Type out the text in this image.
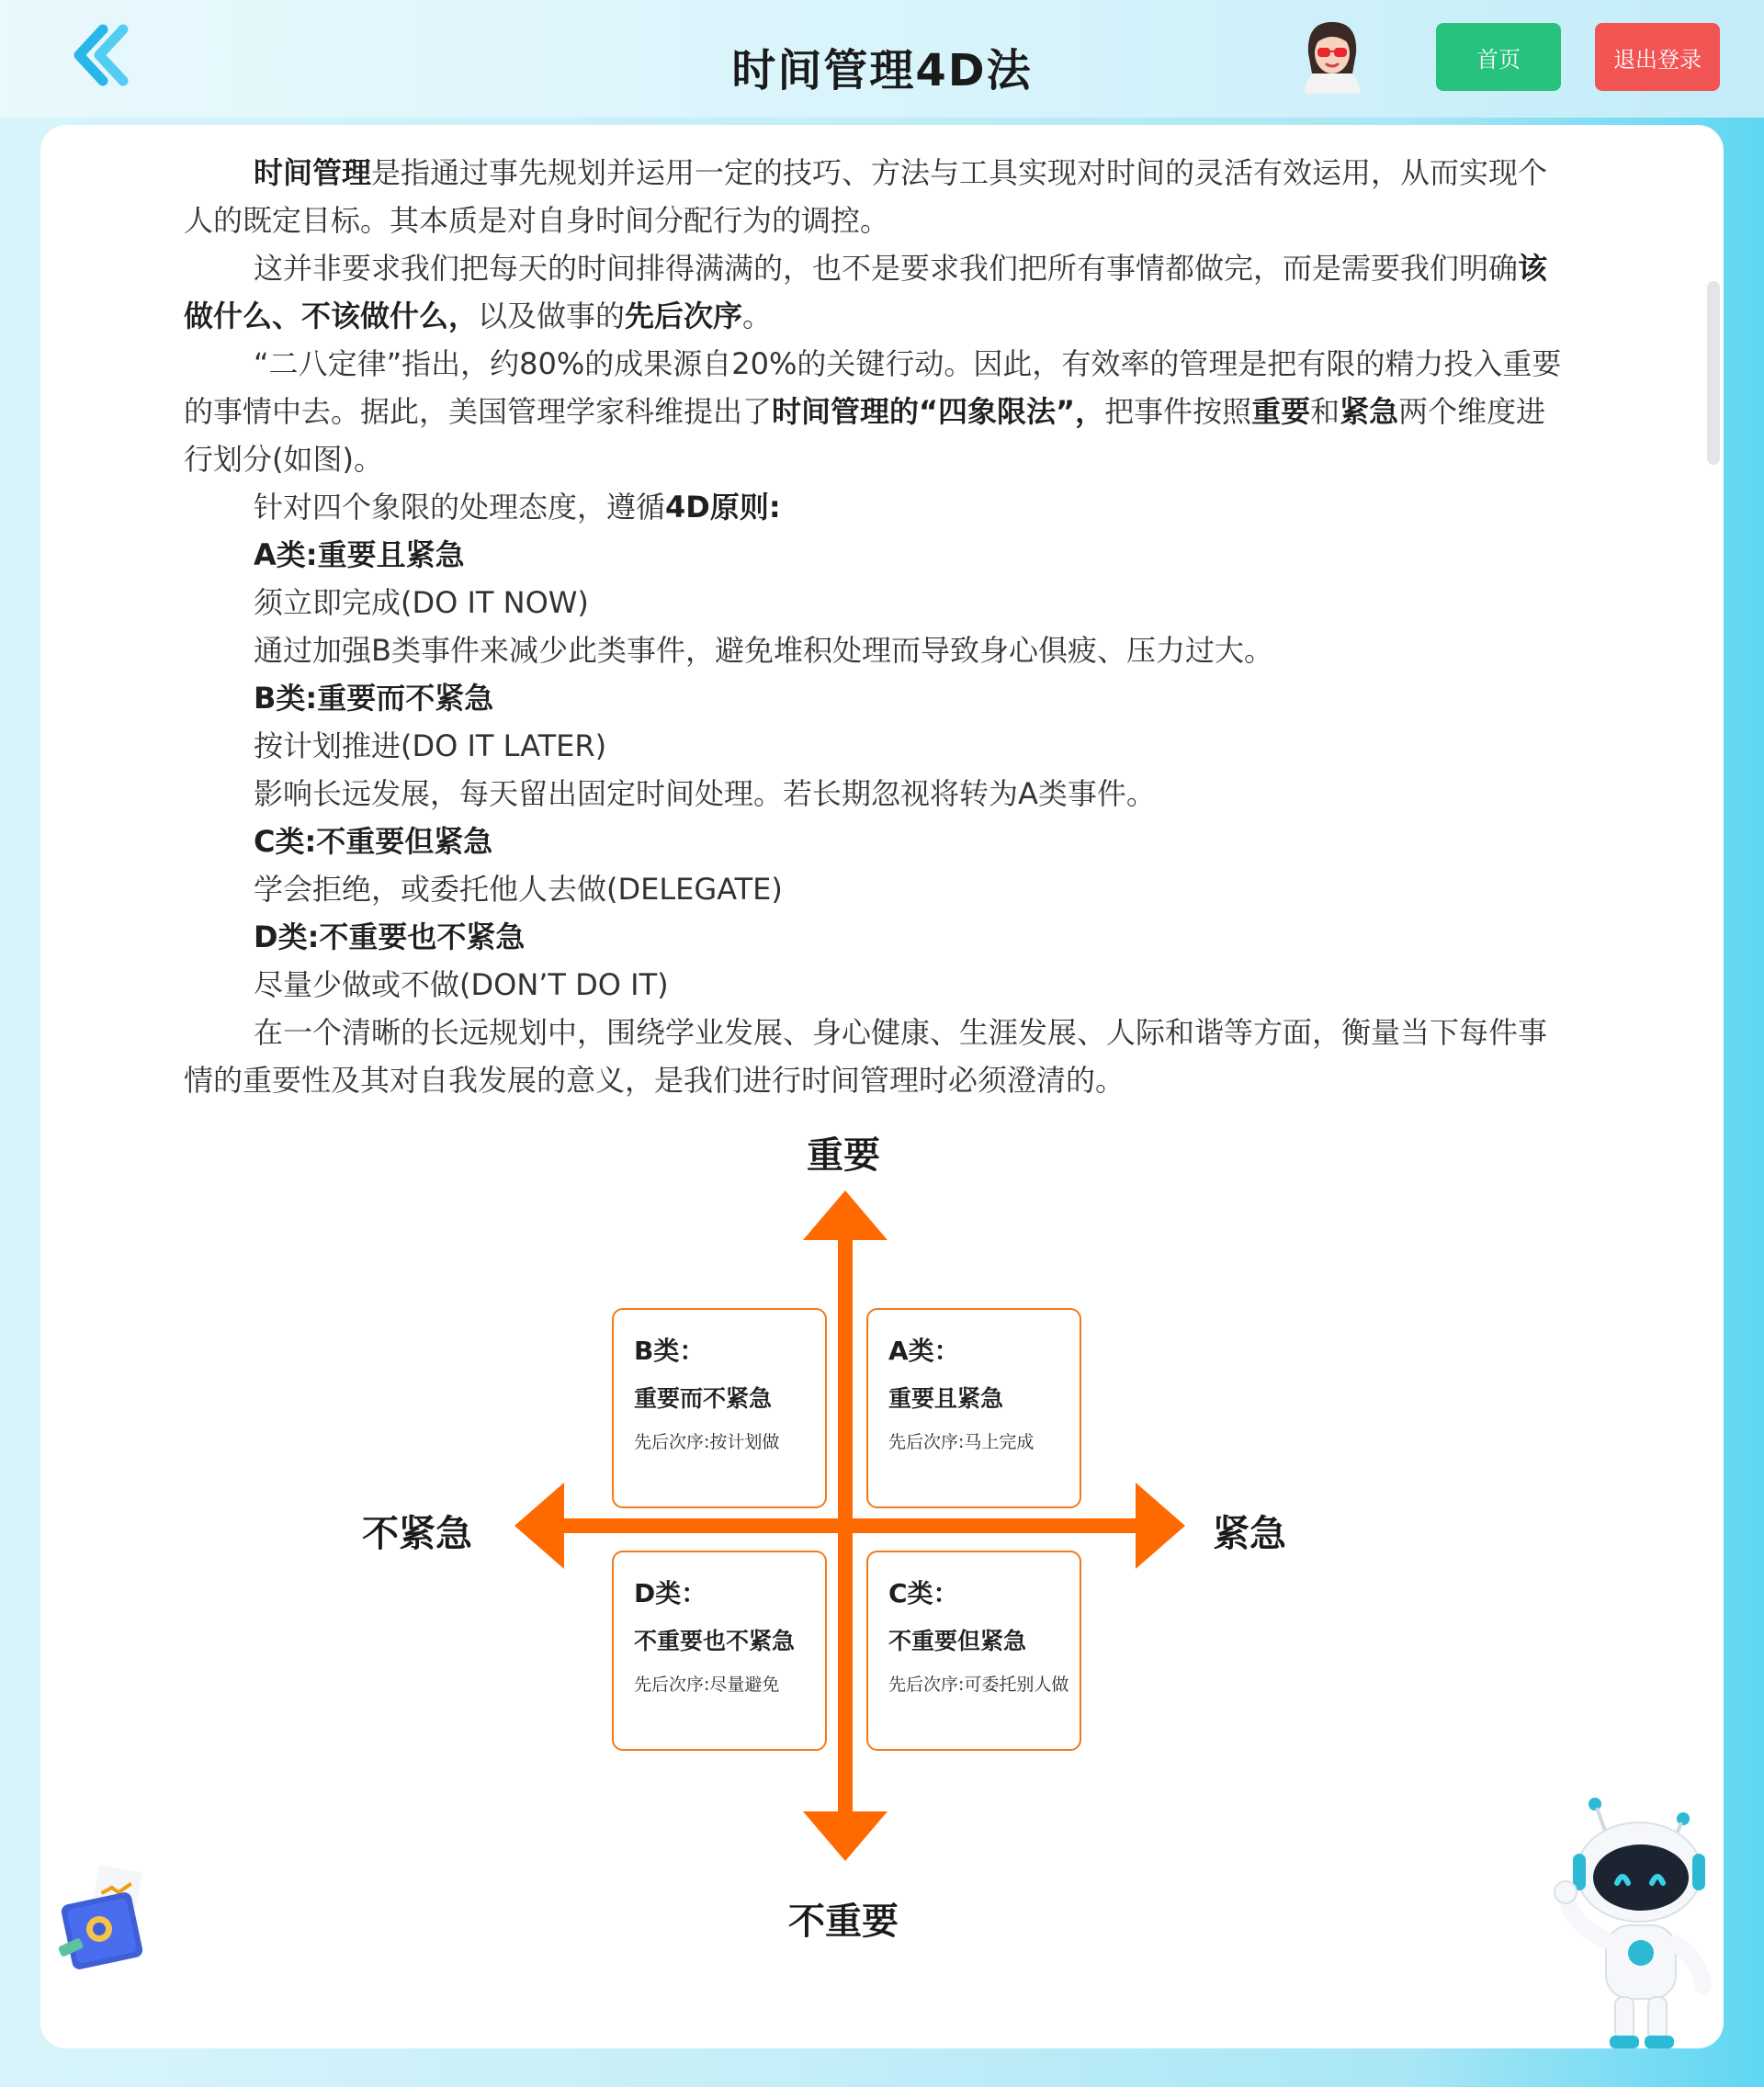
时间管理4D法	首页	退出登录

时间管理是指通过事先规划并运用一定的技巧、方法与工具实现对时间的灵活有效运用，从而实现个人的既定目标。其本质是对自身时间分配行为的调控。

这并非要求我们把每天的时间排得满满的，也不是要求我们把所有事情都做完，而是需要我们明确该做什么、不该做什么，以及做事的先后次序。

“二八定律”指出，约80%的成果源自20%的关键行动。因此，有效率的管理是把有限的精力投入重要的事情中去。据此，美国管理学家科维提出了时间管理的“四象限法”，把事件按照重要和紧急两个维度进行划分(如图)。

针对四个象限的处理态度，遵循4D原则:

A类:重要且紧急

须立即完成(DO IT NOW)

通过加强B类事件来减少此类事件，避免堆积处理而导致身心俱疲、压力过大。

B类:重要而不紧急

按计划推进(DO IT LATER)

影响长远发展，每天留出固定时间处理。若长期忽视将转为A类事件。

C类:不重要但紧急

学会拒绝，或委托他人去做(DELEGATE)

D类:不重要也不紧急

尽量少做或不做(DON’T DO IT)

在一个清晰的长远规划中，围绕学业发展、身心健康、生涯发展、人际和谐等方面，衡量当下每件事情的重要性及其对自我发展的意义，是我们进行时间管理时必须澄清的。

重要
不重要
不紧急	紧急
B类：
重要而不紧急
先后次序:按计划做
A类：
重要且紧急
先后次序:马上完成
D类：
不重要也不紧急
先后次序:尽量避免
C类：
不重要但紧急
先后次序:可委托别人做
